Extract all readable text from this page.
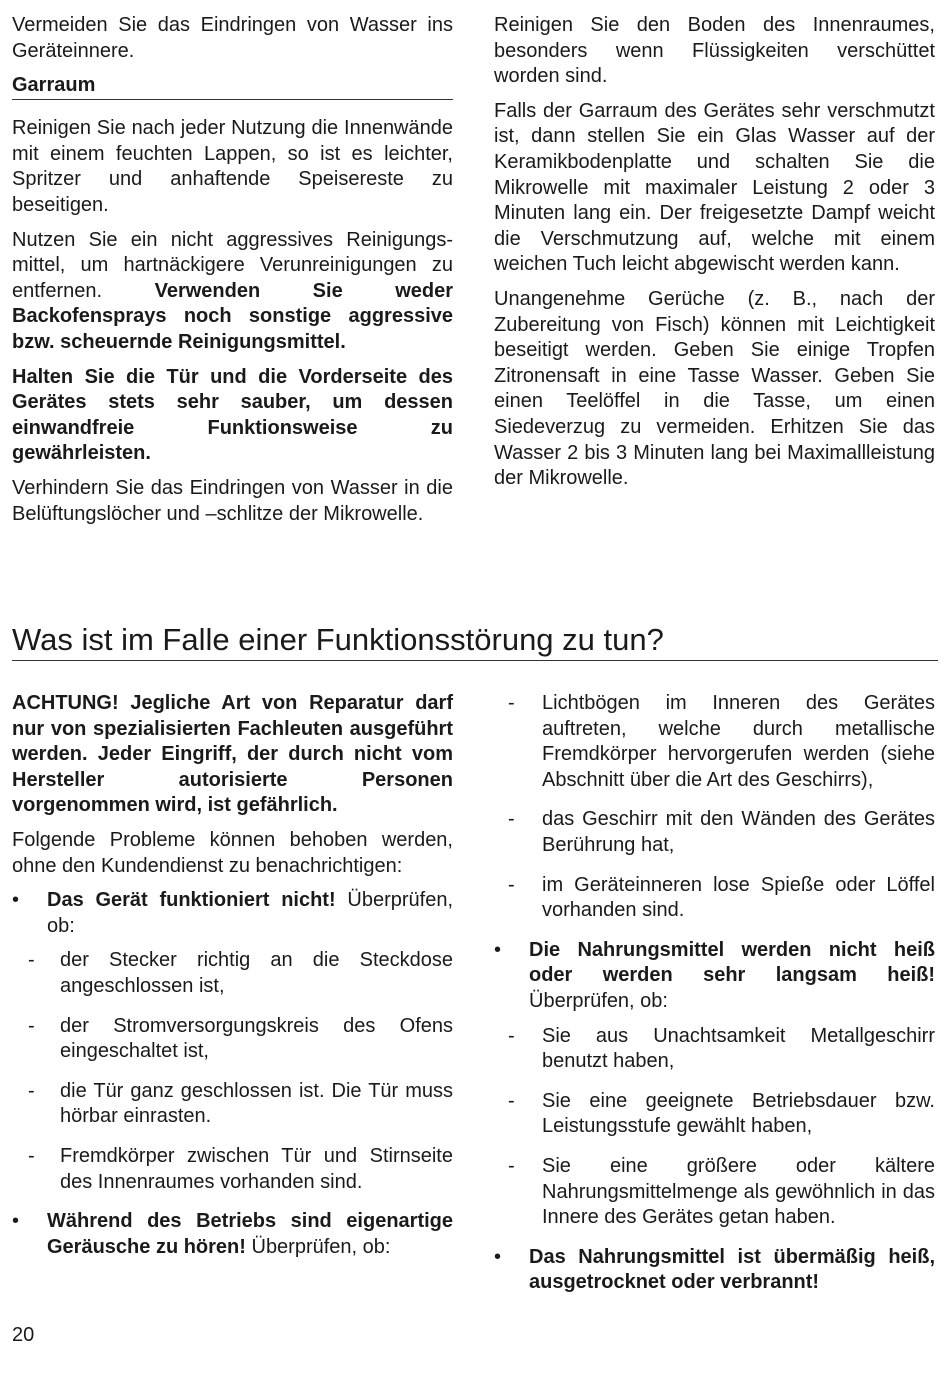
Vermeiden Sie das Eindringen von Wasser ins Geräteinnere.

Garraum

Reinigen Sie nach jeder Nutzung die Innenwände mit einem feuchten Lappen, so ist es leichter, Spritzer und anhaftende Speisereste zu beseitigen.

Nutzen Sie ein nicht aggressives Reinigungsmittel, um hartnäckigere Verunreinigungen zu entfernen. Verwenden Sie weder Backofensprays noch sonstige aggressive bzw. scheuernde Reinigungsmittel.

Halten Sie die Tür und die Vorderseite des Gerätes stets sehr sauber, um dessen einwandfreie Funktionsweise zu gewährleisten.

Verhindern Sie das Eindringen von Wasser in die Belüftungslöcher und –schlitze der Mikrowelle.

Reinigen Sie den Boden des Innenraumes, besonders wenn Flüssigkeiten verschüttet worden sind.

Falls der Garraum des Gerätes sehr verschmutzt ist, dann stellen Sie ein Glas Wasser auf der Keramikbodenplatte und schalten Sie die Mikrowelle mit maximaler Leistung 2 oder 3 Minuten lang ein. Der freigesetzte Dampf weicht die Verschmutzung auf, welche mit einem weichen Tuch leicht abgewischt werden kann.

Unangenehme Gerüche (z. B., nach der Zubereitung von Fisch) können mit Leichtigkeit beseitigt werden. Geben Sie einige Tropfen Zitronensaft in eine Tasse Wasser. Geben Sie einen Teelöffel in die Tasse, um einen Siedeverzug zu vermeiden. Erhitzen Sie das Wasser 2 bis 3 Minuten lang bei Maximallleistung der Mikrowelle.

Was ist im Falle einer Funktionsstörung zu tun?

ACHTUNG! Jegliche Art von Reparatur darf nur von spezialisierten Fachleuten ausgeführt werden. Jeder Eingriff, der durch nicht vom Hersteller autorisierte Personen vorgenommen wird, ist gefährlich.

Folgende Probleme können behoben werden, ohne den Kundendienst zu benachrichtigen:

• Das Gerät funktioniert nicht! Überprüfen, ob:
- der Stecker richtig an die Steckdose angeschlossen ist,
- der Stromversorgungskreis des Ofens eingeschaltet ist,
- die Tür ganz geschlossen ist. Die Tür muss hörbar einrasten.
- Fremdkörper zwischen Tür und Stirnseite des Innenraumes vorhanden sind.
• Während des Betriebs sind eigenartige Geräusche zu hören! Überprüfen, ob:
- Lichtbögen im Inneren des Gerätes auftreten, welche durch metallische Fremdkörper hervorgerufen werden (siehe Abschnitt über die Art des Geschirrs),
- das Geschirr mit den Wänden des Gerätes Berührung hat,
- im Geräteinneren lose Spieße oder Löffel vorhanden sind.
• Die Nahrungsmittel werden nicht heiß oder werden sehr langsam heiß! Überprüfen, ob:
- Sie aus Unachtsamkeit Metallgeschirr benutzt haben,
- Sie eine geeignete Betriebsdauer bzw. Leistungsstufe gewählt haben,
- Sie eine größere oder kältere Nahrungsmittelmenge als gewöhnlich in das Innere des Gerätes getan haben.
• Das Nahrungsmittel ist übermäßig heiß, ausgetrocknet oder verbrannt!
20
